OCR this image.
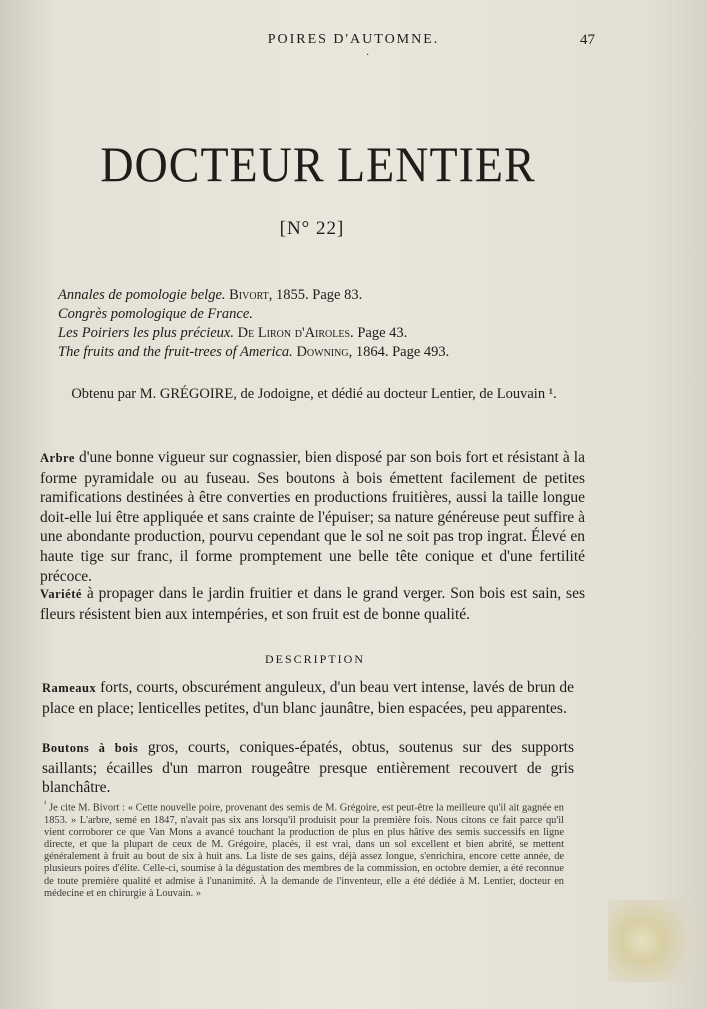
POIRES D'AUTOMNE.	47
·
DOCTEUR LENTIER
[N° 22]
Annales de pomologie belge. Bivort, 1855. Page 83.
Congrès pomologique de France.
Les Poiriers les plus précieux. De Liron d'Airoles. Page 43.
The fruits and the fruit-trees of America. Downing, 1864. Page 493.
Obtenu par M. GRÉGOIRE, de Jodoigne, et dédié au docteur Lentier, de Louvain ¹.
Arbre d'une bonne vigueur sur cognassier, bien disposé par son bois fort et résistant à la forme pyramidale ou au fuseau. Ses boutons à bois émettent facilement de petites ramifications destinées à être converties en productions fruitières, aussi la taille longue doit-elle lui être appliquée et sans crainte de l'épuiser; sa nature généreuse peut suffire à une abondante production, pourvu cependant que le sol ne soit pas trop ingrat. Élevé en haute tige sur franc, il forme promptement une belle tête conique et d'une fertilité précoce.
Variété à propager dans le jardin fruitier et dans le grand verger. Son bois est sain, ses fleurs résistent bien aux intempéries, et son fruit est de bonne qualité.
DESCRIPTION
Rameaux forts, courts, obscurément anguleux, d'un beau vert intense, lavés de brun de place en place; lenticelles petites, d'un blanc jaunâtre, bien espacées, peu apparentes.
Boutons à bois gros, courts, coniques-épatés, obtus, soutenus sur des supports saillants; écailles d'un marron rougeâtre presque entièrement recouvert de gris blanchâtre.
$^{^1}$ Je cite M. Bivort : « Cette nouvelle poire, provenant des semis de M. Grégoire, est peut-être la meilleure qu'il ait gagnée en 1853. » L'arbre, semé en 1847, n'avait pas six ans lorsqu'il produisit pour la première fois. Nous citons ce fait parce qu'il vient corroborer ce que Van Mons a avancé touchant la production de plus en plus hâtive des semis successifs en ligne directe, et que la plupart de ceux de M. Grégoire, placés, il est vrai, dans un sol excellent et bien abrité, se mettent généralement à fruit au bout de six à huit ans. La liste de ses gains, déjà assez longue, s'enrichira, encore cette année, de plusieurs poires d'élite. Celle-ci, soumise à la dégustation des membres de la commission, en octobre dernier, a été reconnue de toute première qualité et admise à l'unanimité. À la demande de l'inventeur, elle a été dédiée à M. Lentier, docteur en médecine et en chirurgie à Louvain. »
